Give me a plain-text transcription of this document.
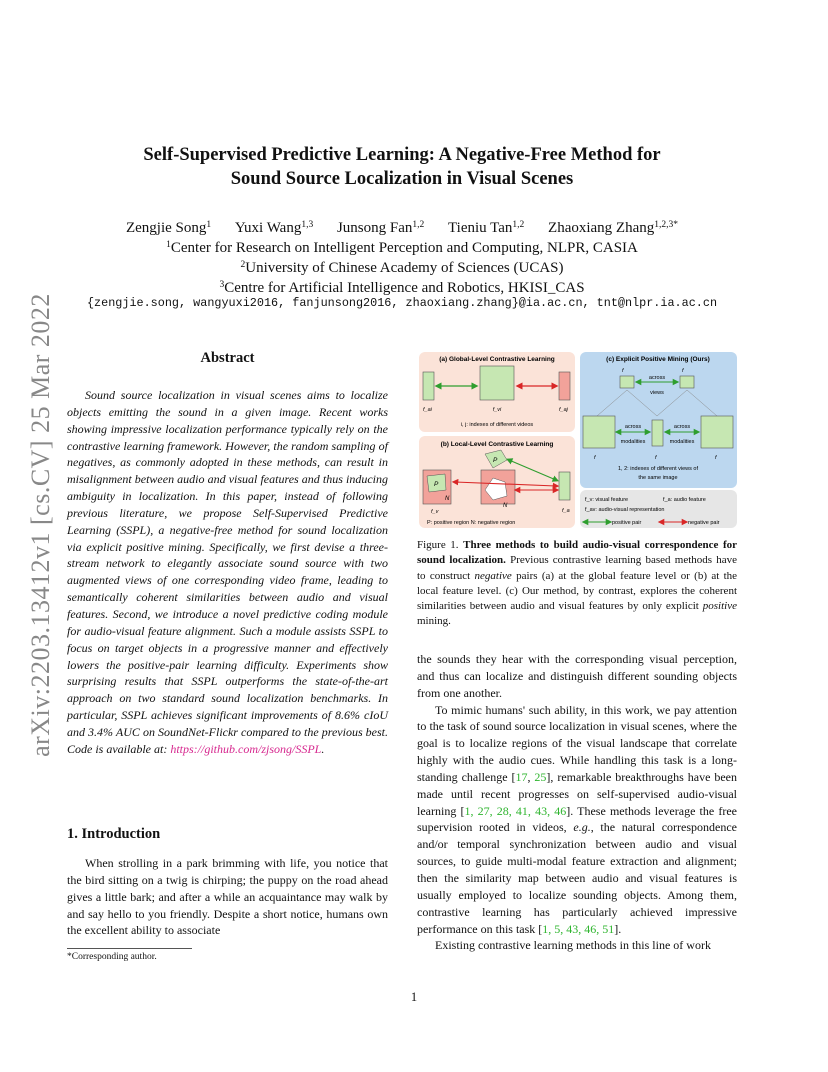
arXiv:2203.13412v1 [cs.CV] 25 Mar 2022
Self-Supervised Predictive Learning: A Negative-Free Method for
Sound Source Localization in Visual Scenes
Zengjie Song$^1$ Yuxi Wang$^{1,3}$ Junsong Fan$^{1,2}$ Tieniu Tan$^{1,2}$ Zhaoxiang Zhang$^{1,2,3*}$
$^1$Center for Research on Intelligent Perception and Computing, NLPR, CASIA
$^2$University of Chinese Academy of Sciences (UCAS)
$^3$Centre for Artificial Intelligence and Robotics, HKISI_CAS
{zengjie.song, wangyuxi2016, fanjunsong2016, zhaoxiang.zhang}@ia.ac.cn, tnt@nlpr.ia.ac.cn
Abstract

Sound source localization in visual scenes aims to localize objects emitting the sound in a given image. Recent works showing impressive localization performance typically rely on the contrastive learning framework. However, the random sampling of negatives, as commonly adopted in these methods, can result in misalignment between audio and visual features and thus inducing ambiguity in localization. In this paper, instead of following previous literature, we propose Self-Supervised Predictive Learning (SSPL), a negative-free method for sound localization via explicit positive mining. Specifically, we first devise a three-stream network to elegantly associate sound source with two augmented views of one corresponding video frame, leading to semantically coherent similarities between audio and visual features. Second, we introduce a novel predictive coding module for audio-visual feature alignment. Such a module assists SSPL to focus on target objects in a progressive manner and effectively lowers the positive-pair learning difficulty. Experiments show surprising results that SSPL outperforms the state-of-the-art approach on two standard sound localization benchmarks. In particular, SSPL achieves significant improvements of 8.6% cIoU and 3.4% AUC on SoundNet-Flickr compared to the previous best. Code is available at: https://github.com/zjsong/SSPL.

1. Introduction

When strolling in a park brimming with life, you notice that the bird sitting on a twig is chirping; the puppy on the road ahead gives a little bark; and after a while an acquaintance may walk by and say hello to you friendly. Despite a short notice, humans own the excellent ability to associate

*Corresponding author.
(a) Global-Level Contrastive Learning
f_ai	f_vi	f_aj
i, j: indexes of different videos
(b) Local-Level Contrastive Learning
P
N
N
P
f_v	f_a
P: positive region N: negative region
(c) Explicit Positive Mining (Ours)
f	f
across
views
across
modalities
across
modalities
f	f	f
1, 2: indexes of different views of
the same image
f_v: visual feature	f_a: audio feature
f_av: audio-visual representation
positive pair	negative pair

Figure 1. Three methods to build audio-visual correspondence for sound localization. Previous contrastive learning based methods have to construct negative pairs (a) at the global feature level or (b) at the local feature level. (c) Our method, by contrast, explores the coherent similarities between audio and visual features by only explicit positive mining.

the sounds they hear with the corresponding visual perception, and thus can localize and distinguish different sounding objects from one another.

To mimic humans' such ability, in this work, we pay attention to the task of sound source localization in visual scenes, where the goal is to localize regions of the visual landscape that correlate highly with the audio cues. While handling this task is a long-standing challenge [17, 25], remarkable breakthroughs have been made until recent progresses on self-supervised audio-visual learning [1, 27, 28, 41, 43, 46]. These methods leverage the free supervision rooted in videos, e.g., the natural correspondence and/or temporal synchronization between audio and visual sources, to guide multi-modal feature extraction and alignment; then the similarity map between audio and visual features is usually employed to localize sounding objects. Among them, contrastive learning has particularly achieved impressive performance on this task [1, 5, 43, 46, 51].

Existing contrastive learning methods in this line of work

1
